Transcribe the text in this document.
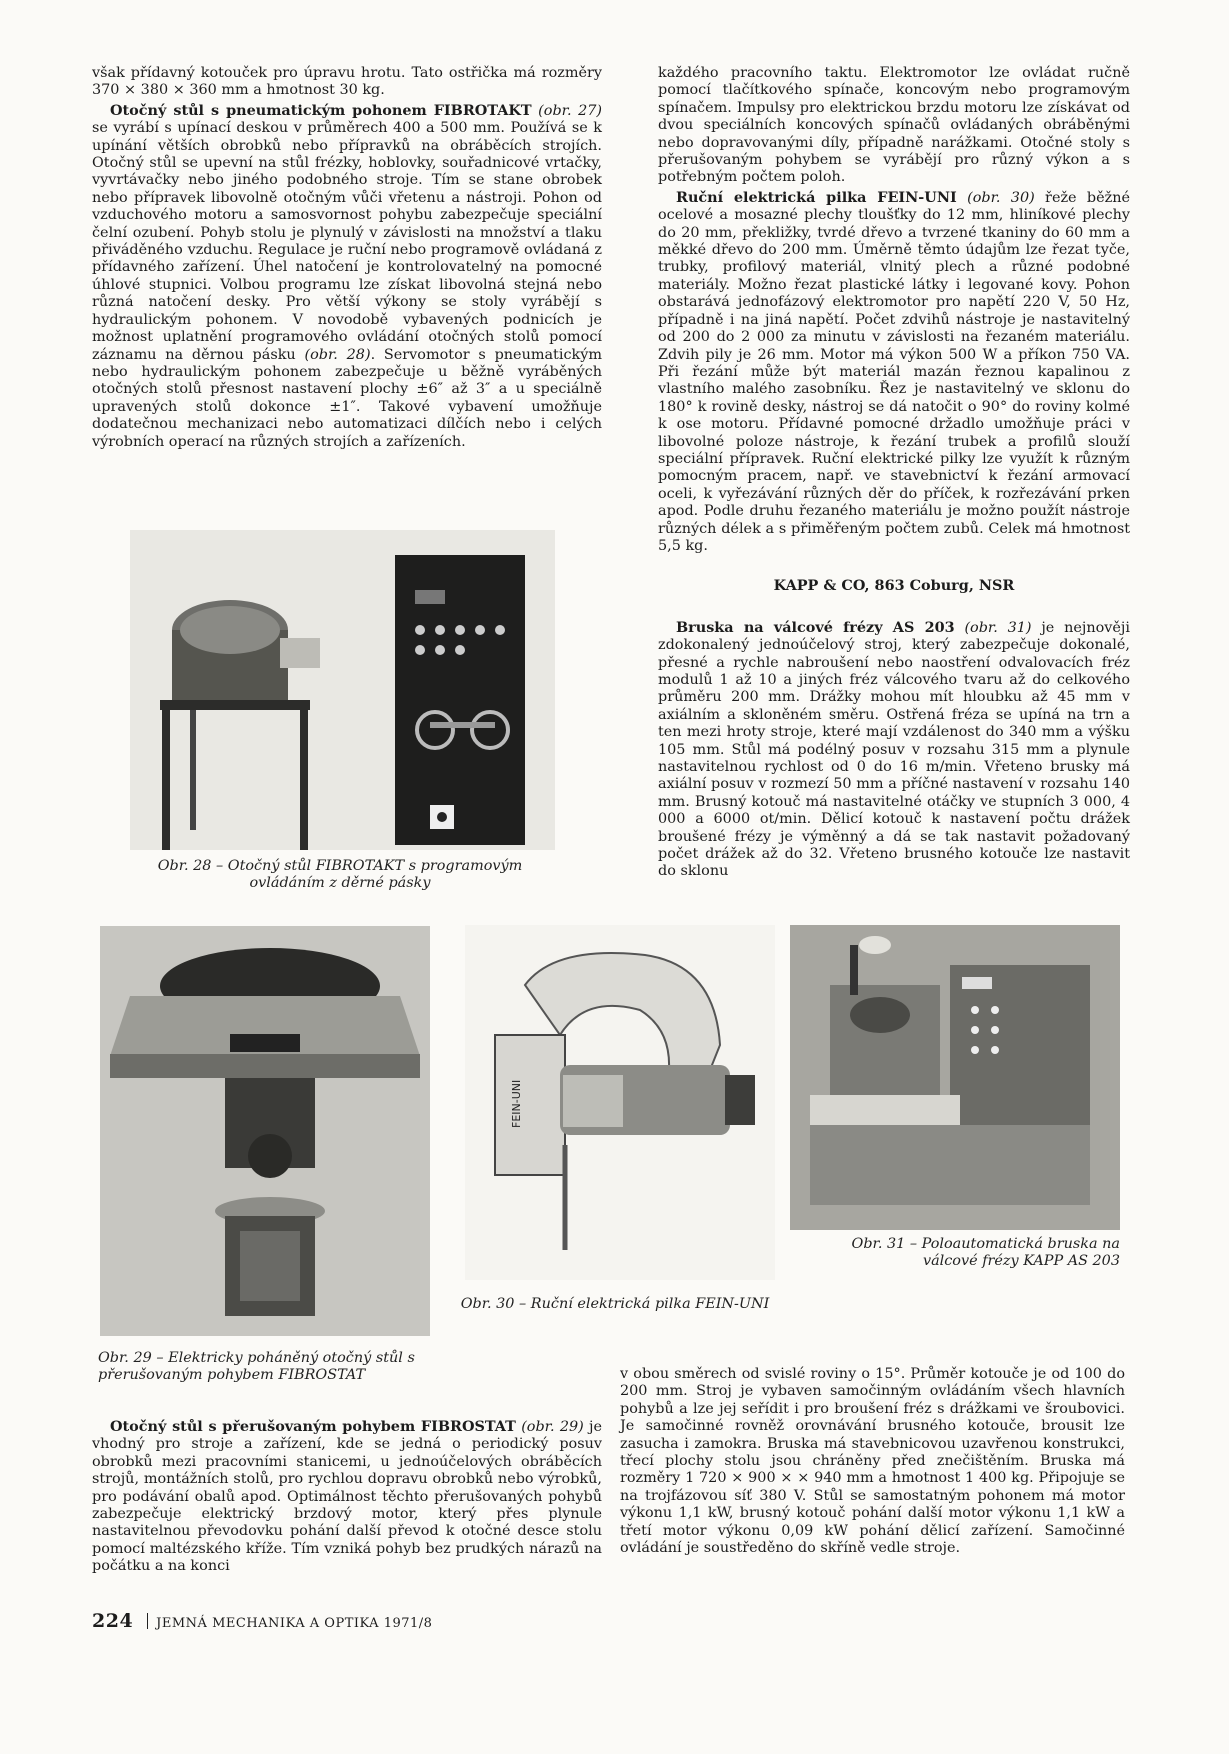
však přídavný kotouček pro úpravu hrotu. Tato ostřička má rozměry 370 × 380 × 360 mm a hmotnost 30 kg.

Otočný stůl s pneumatickým pohonem FIBROTAKT (obr. 27) se vyrábí s upínací deskou v průměrech 400 a 500 mm. Používá se k upínání větších obrobků nebo přípravků na obráběcích strojích. Otočný stůl se upevní na stůl frézky, hoblovky, souřadnicové vrtačky, vyvrtávačky nebo jiného podobného stroje. Tím se stane obrobek nebo přípravek libovolně otočným vůči vřetenu a nástroji. Pohon od vzduchového motoru a samosvornost pohybu zabezpečuje speciální čelní ozubení. Pohyb stolu je plynulý v závislosti na množství a tlaku přiváděného vzduchu. Regulace je ruční nebo programově ovládaná z přídavného zařízení. Úhel natočení je kontrolovatelný na pomocné úhlové stupnici. Volbou programu lze získat libovolná stejná nebo různá natočení desky. Pro větší výkony se stoly vyrábějí s hydraulickým pohonem. V novodobě vybavených podnicích je možnost uplatnění programového ovládání otočných stolů pomocí záznamu na děrnou pásku (obr. 28). Servomotor s pneumatickým nebo hydraulickým pohonem zabezpečuje u běžně vyráběných otočných stolů přesnost nastavení plochy ±6″ až 3″ a u speciálně upravených stolů dokonce ±1″. Takové vybavení umožňuje dodatečnou mechanizaci nebo automatizaci dílčích nebo i celých výrobních operací na různých strojích a zařízeních.

každého pracovního taktu. Elektromotor lze ovládat ručně pomocí tlačítkového spínače, koncovým nebo programovým spínačem. Impulsy pro elektrickou brzdu motoru lze získávat od dvou speciálních koncových spínačů ovládaných obráběnými nebo dopravovanými díly, případně narážkami. Otočné stoly s přerušovaným pohybem se vyrábějí pro různý výkon a s potřebným počtem poloh.

Ruční elektrická pilka FEIN-UNI (obr. 30) řeže běžné ocelové a mosazné plechy tloušťky do 12 mm, hliníkové plechy do 20 mm, překližky, tvrdé dřevo a tvrzené tkaniny do 60 mm a měkké dřevo do 200 mm. Úměrně těmto údajům lze řezat tyče, trubky, profilový materiál, vlnitý plech a různé podobné materiály. Možno řezat plastické látky i legované kovy. Pohon obstarává jednofázový elektromotor pro napětí 220 V, 50 Hz, případně i na jiná napětí. Počet zdvihů nástroje je nastavitelný od 200 do 2 000 za minutu v závislosti na řezaném materiálu. Zdvih pily je 26 mm. Motor má výkon 500 W a příkon 750 VA. Při řezání může být materiál mazán řeznou kapalinou z vlastního malého zasobníku. Řez je nastavitelný ve sklonu do 180° k rovině desky, nástroj se dá natočit o 90° do roviny kolmé k ose motoru. Přídavné pomocné držadlo umožňuje práci v libovolné poloze nástroje, k řezání trubek a profilů slouží speciální přípravek. Ruční elektrické pilky lze využít k různým pomocným pracem, např. ve stavebnictví k řezání armovací oceli, k vyřezávání různých děr do příček, k rozřezávání prken apod. Podle druhu řezaného materiálu je možno použít nástroje různých délek a s přiměřeným počtem zubů. Celek má hmotnost 5,5 kg.

KAPP & CO, 863 Coburg, NSR

Bruska na válcové frézy AS 203 (obr. 31) je nejnověji zdokonalený jednoúčelový stroj, který zabezpečuje dokonalé, přesné a rychle nabroušení nebo naostření odvalovacích fréz modulů 1 až 10 a jiných fréz válcového tvaru až do celkového průměru 200 mm. Drážky mohou mít hloubku až 45 mm v axiálním a skloněném směru. Ostřená fréza se upíná na trn a ten mezi hroty stroje, které mají vzdálenost do 340 mm a výšku 105 mm. Stůl má podélný posuv v rozsahu 315 mm a plynule nastavitelnou rychlost od 0 do 16 m/min. Vřeteno brusky má axiální posuv v rozmezí 50 mm a příčné nastavení v rozsahu 140 mm. Brusný kotouč má nastavitelné otáčky ve stupních 3 000, 4 000 a 6000 ot/min. Dělicí kotouč k nastavení počtu drážek broušené frézy je výměnný a dá se tak nastavit požadovaný počet drážek až do 32. Vřeteno brusného kotouče lze nastavit do sklonu

Obr. 28 – Otočný stůl FIBROTAKT s programovým ovládáním z děrné pásky
Obr. 29 – Elektricky poháněný otočný stůl s přerušovaným pohybem FIBROSTAT
FEIN-UNI
Obr. 30 – Ruční elektrická pilka FEIN-UNI
Obr. 31 – Poloautomatická bruska na válcové frézy KAPP AS 203

Otočný stůl s přerušovaným pohybem FIBROSTAT (obr. 29) je vhodný pro stroje a zařízení, kde se jedná o periodický posuv obrobků mezi pracovními stanicemi, u jednoúčelových obráběcích strojů, montážních stolů, pro rychlou dopravu obrobků nebo výrobků, pro podávání obalů apod. Optimálnost těchto přerušovaných pohybů zabezpečuje elektrický brzdový motor, který přes plynule nastavitelnou převodovku pohání další převod k otočné desce stolu pomocí maltézského kříže. Tím vzniká pohyb bez prudkých nárazů na počátku a na konci

v obou směrech od svislé roviny o 15°. Průměr kotouče je od 100 do 200 mm. Stroj je vybaven samočinným ovládáním všech hlavních pohybů a lze jej seřídit i pro broušení fréz s drážkami ve šroubovici. Je samočinné rovněž orovnávání brusného kotouče, brousit lze zasucha i zamokra. Bruska má stavebnicovou uzavřenou konstrukci, třecí plochy stolu jsou chráněny před znečištěním. Bruska má rozměry 1 720 × 900 × × 940 mm a hmotnost 1 400 kg. Připojuje se na trojfázovou síť 380 V. Stůl se samostatným pohonem má motor výkonu 1,1 kW, brusný kotouč pohání další motor výkonu 1,1 kW a třetí motor výkonu 0,09 kW pohání dělicí zařízení. Samočinné ovládání je soustředěno do skříně vedle stroje.

224 JEMNÁ MECHANIKA A OPTIKA 1971/8
